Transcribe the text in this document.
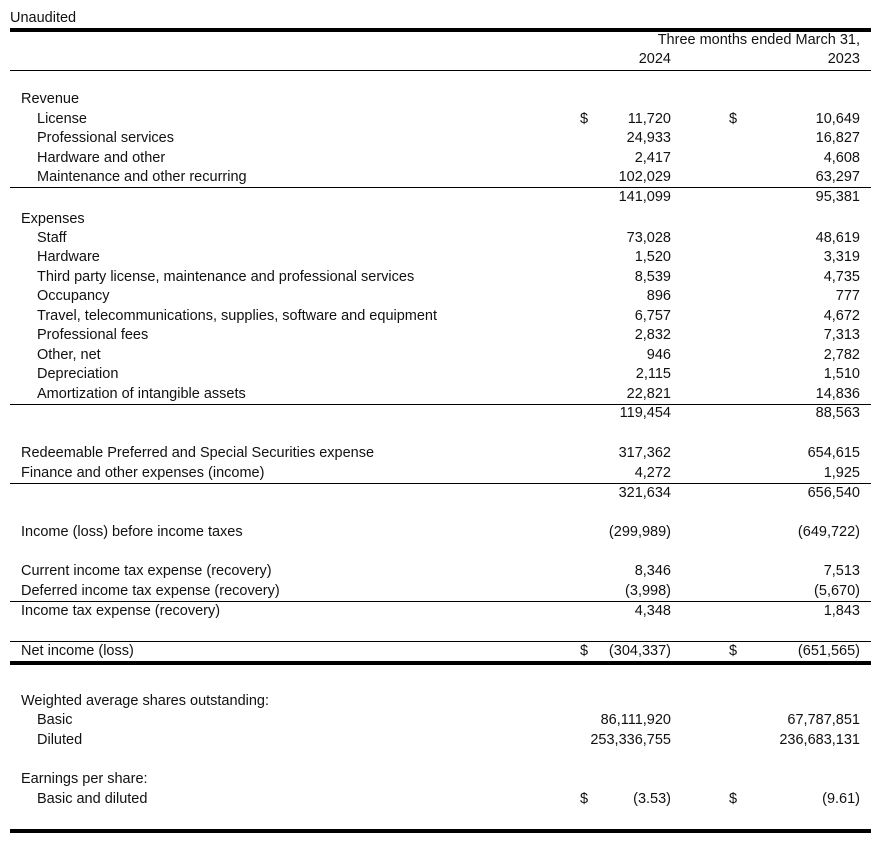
Unaudited
Three months ended March 31,
2024	2023
Revenue
License	$	11,720	$	10,649
Professional services	24,933	16,827
Hardware and other	2,417	4,608
Maintenance and other recurring	102,029	63,297
141,099	95,381
Expenses
Staff	73,028	48,619
Hardware	1,520	3,319
Third party license, maintenance and professional services	8,539	4,735
Occupancy	896	777
Travel, telecommunications, supplies, software and equipment	6,757	4,672
Professional fees	2,832	7,313
Other, net	946	2,782
Depreciation	2,115	1,510
Amortization of intangible assets	22,821	14,836
119,454	88,563
Redeemable Preferred and Special Securities expense	317,362	654,615
Finance and other expenses (income)	4,272	1,925
321,634	656,540
Income (loss) before income taxes	(299,989)	(649,722)
Current income tax expense (recovery)	8,346	7,513
Deferred income tax expense (recovery)	(3,998)	(5,670)
Income tax expense (recovery)	4,348	1,843
Net income (loss)	$ (304,337)	$	(651,565)
Weighted average shares outstanding:
Basic	86,111,920	67,787,851
Diluted	253,336,755	236,683,131
Earnings per share:
Basic and diluted	$	(3.53)	$	(9.61)
